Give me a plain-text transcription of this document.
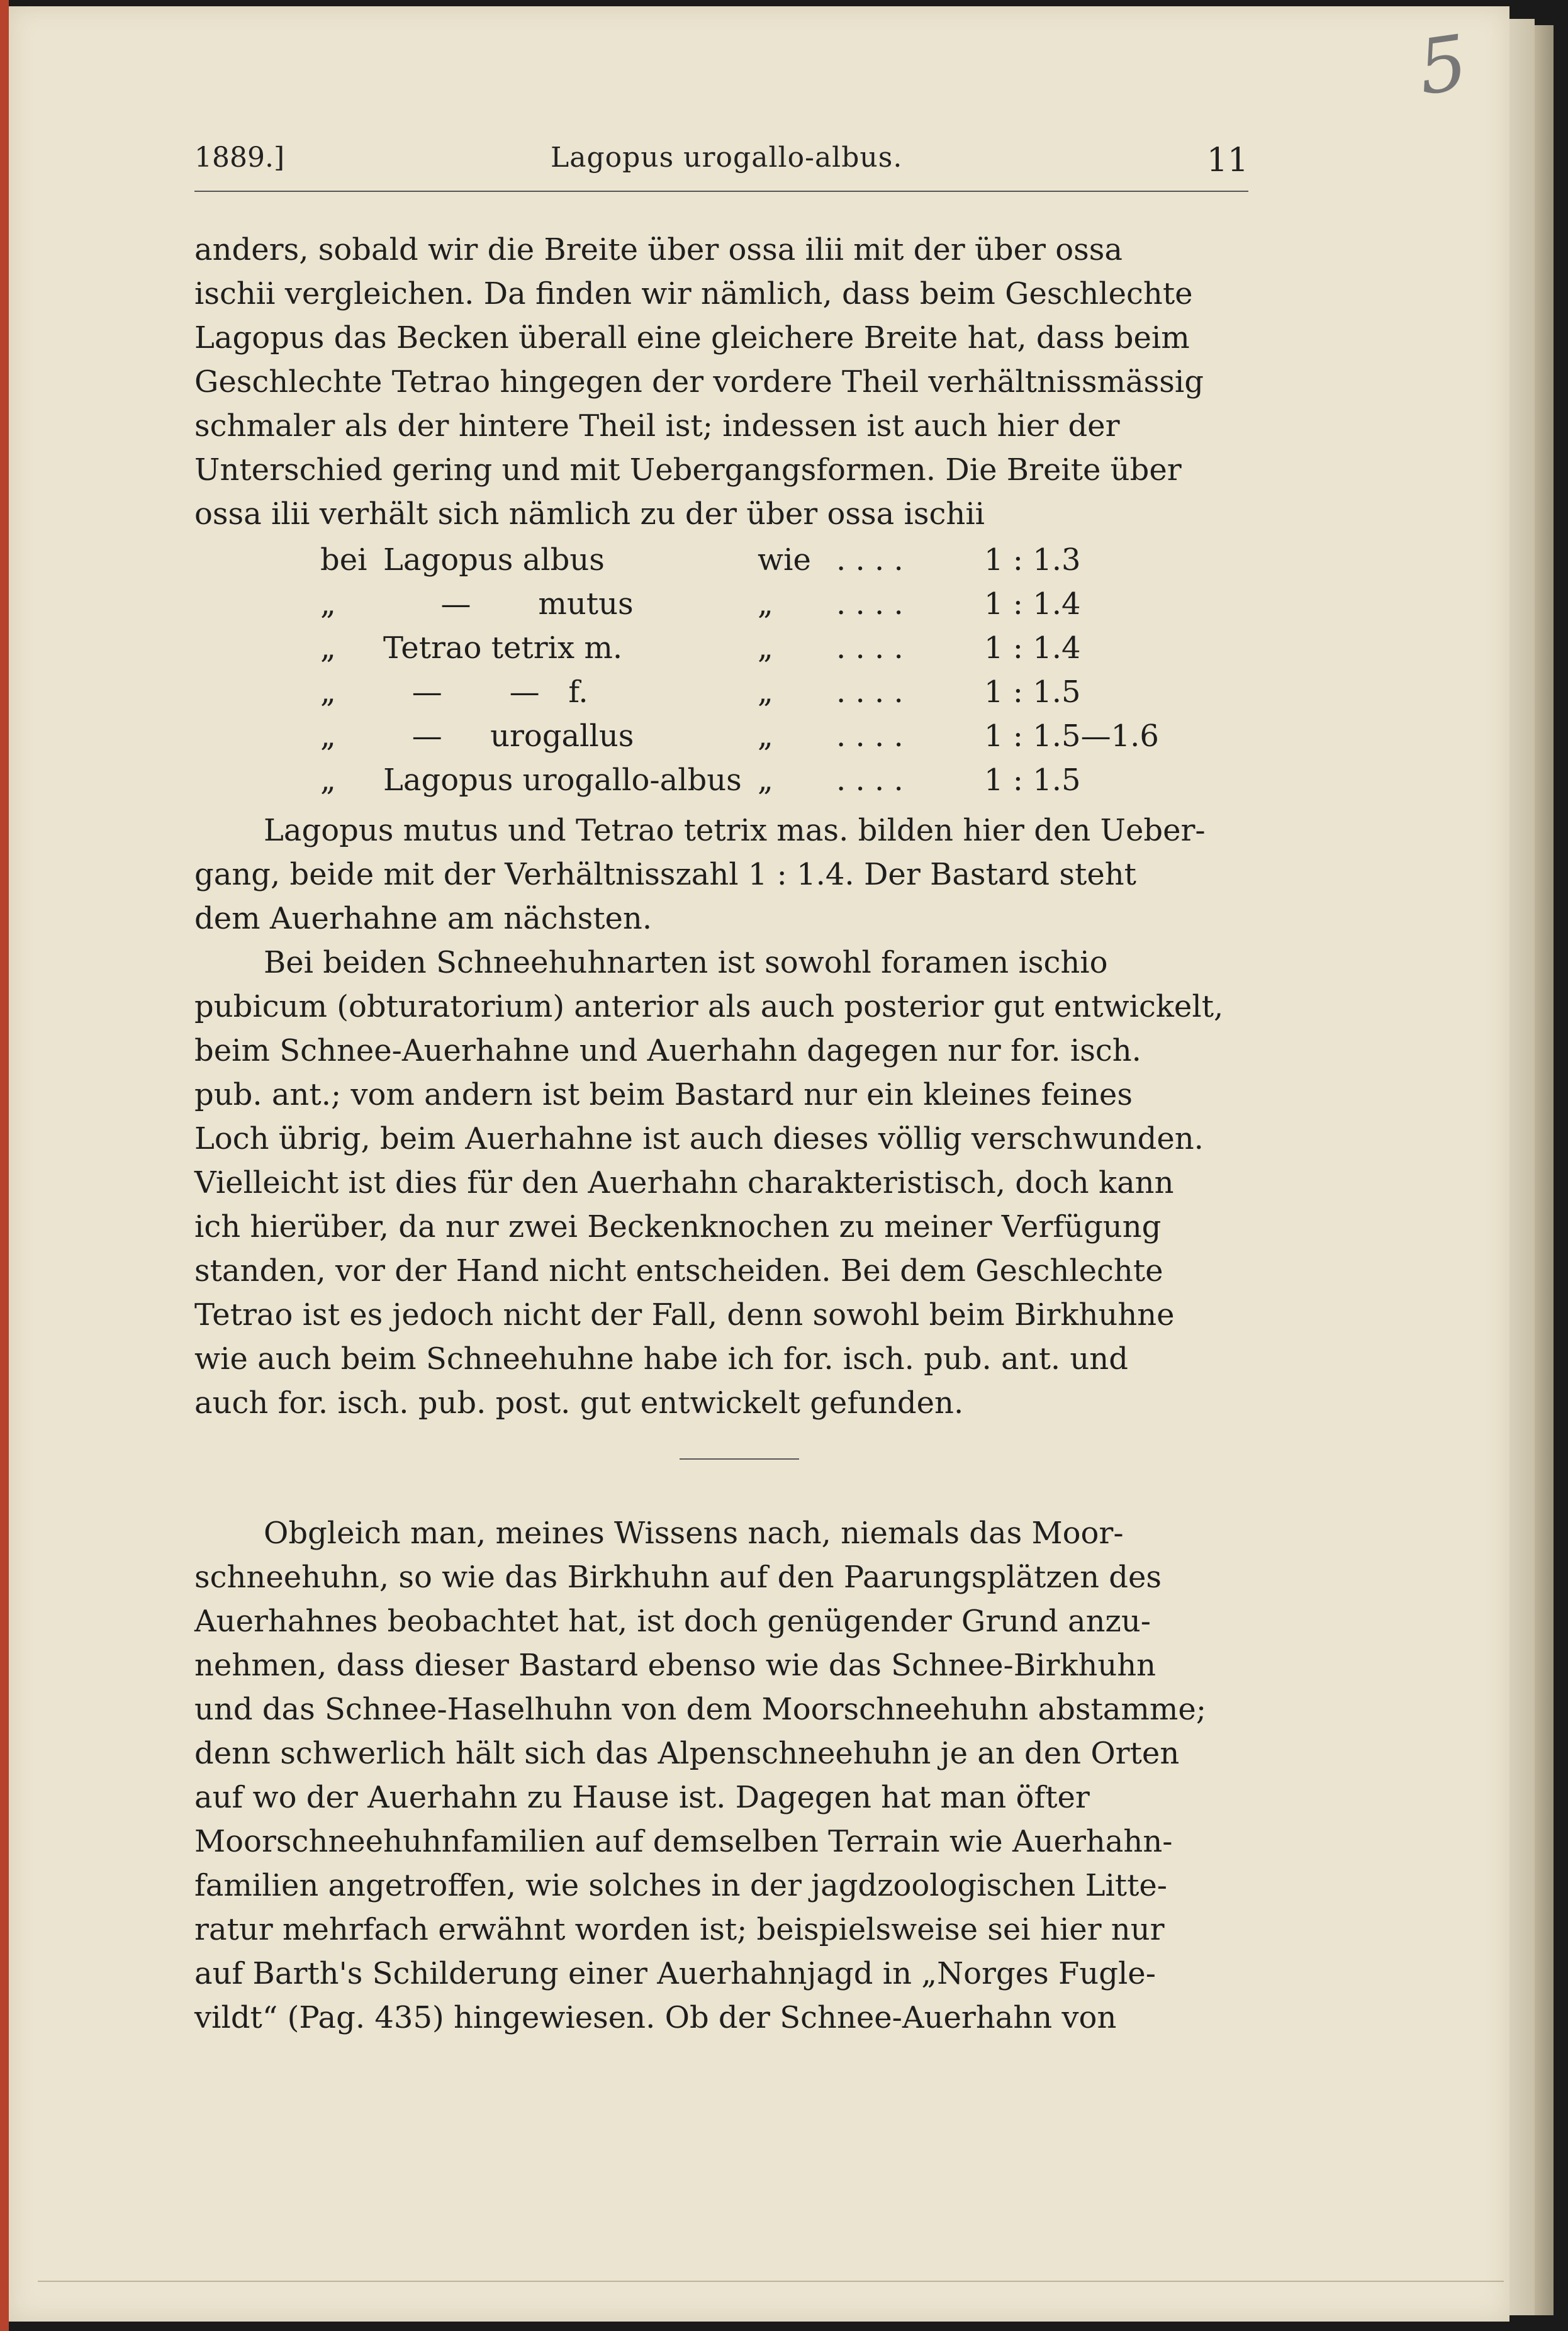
5
1889.]	Lagopus urogallo-albus.	11
anders, sobald wir die Breite über ossa ilii mit der über ossa
ischii vergleichen. Da finden wir nämlich, dass beim Geschlechte
Lagopus das Becken überall eine gleichere Breite hat, dass beim
Geschlechte Tetrao hingegen der vordere Theil verhältnissmässig
schmaler als der hintere Theil ist; indessen ist auch hier der
Unterschied gering und mit Uebergangsformen. Die Breite über
ossa ilii verhält sich nämlich zu der über ossa ischii
bei Lagopus albus	wie . . . .	1 : 1.3
„ —       mutus	„ . . . .	1 : 1.4
„ Tetrao tetrix m.	„ . . . .	1 : 1.4
„ —       —   f.	„ . . . .	1 : 1.5
„ —     urogallus	„ . . . .	1 : 1.5—1.6
„ Lagopus urogallo-albus „ . . . .	1 : 1.5
Lagopus mutus und Tetrao tetrix mas. bilden hier den Ueber-
gang, beide mit der Verhältnisszahl 1 : 1.4. Der Bastard steht
dem Auerhahne am nächsten.
Bei beiden Schneehuhnarten ist sowohl foramen ischio
pubicum (obturatorium) anterior als auch posterior gut entwickelt,
beim Schnee-Auerhahne und Auerhahn dagegen nur for. isch.
pub. ant.; vom andern ist beim Bastard nur ein kleines feines
Loch übrig, beim Auerhahne ist auch dieses völlig verschwunden.
Vielleicht ist dies für den Auerhahn charakteristisch, doch kann
ich hierüber, da nur zwei Beckenknochen zu meiner Verfügung
standen, vor der Hand nicht entscheiden. Bei dem Geschlechte
Tetrao ist es jedoch nicht der Fall, denn sowohl beim Birkhuhne
wie auch beim Schneehuhne habe ich for. isch. pub. ant. und
auch for. isch. pub. post. gut entwickelt gefunden.
Obgleich man, meines Wissens nach, niemals das Moor-
schneehuhn, so wie das Birkhuhn auf den Paarungsplätzen des
Auerhahnes beobachtet hat, ist doch genügender Grund anzu-
nehmen, dass dieser Bastard ebenso wie das Schnee-Birkhuhn
und das Schnee-Haselhuhn von dem Moorschneehuhn abstamme;
denn schwerlich hält sich das Alpenschneehuhn je an den Orten
auf wo der Auerhahn zu Hause ist. Dagegen hat man öfter
Moorschneehuhnfamilien auf demselben Terrain wie Auerhahn-
familien angetroffen, wie solches in der jagdzoologischen Litte-
ratur mehrfach erwähnt worden ist; beispielsweise sei hier nur
auf Barth's Schilderung einer Auerhahnjagd in „Norges Fugle-
vildt“ (Pag. 435) hingewiesen. Ob der Schnee-Auerhahn von
